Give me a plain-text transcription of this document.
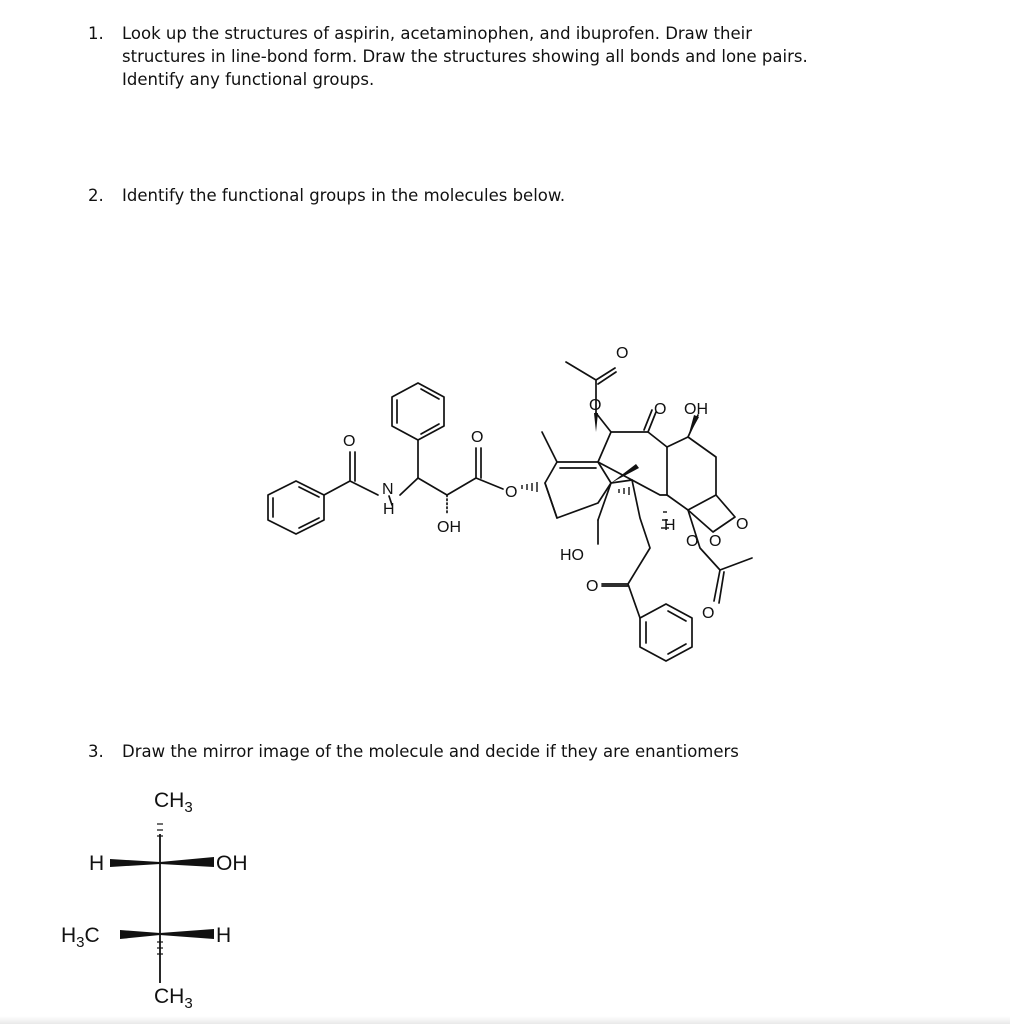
1. Look up the structures of aspirin, acetaminophen, and ibuprofen. Draw their
structures in line-bond form. Draw the structures showing all bonds and lone pairs.
Identify any functional groups.
2. Identify the functional groups in the molecules below.
O
N
H
O
OH
O
O
O	O OH
H	O
HO
O
O O
O
3. Draw the mirror image of the molecule and decide if they are enantiomers
$CH_3$
H	OH
$H_3C$	H
$CH_3$
